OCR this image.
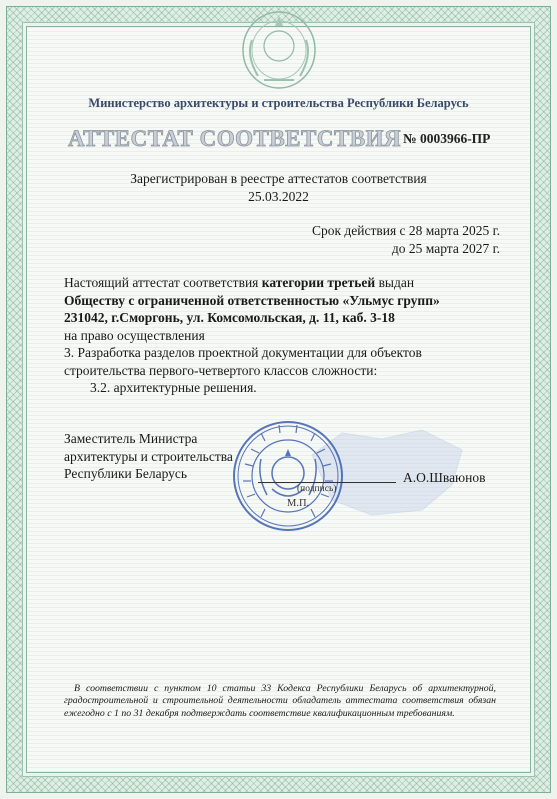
Министерство архитектуры и строительства Республики Беларусь
АТТЕСТАТ СООТВЕТСТВИЯ № 0003966-ПР
Зарегистрирован в реестре аттестатов соответствия
25.03.2022
Срок действия с 28 марта 2025 г.
до 25 марта 2027 г.
Настоящий аттестат соответствия категории третьей выдан
Обществу с ограниченной ответственностью «Ульмус групп»
231042, г.Сморгонь, ул. Комсомольская, д. 11, каб. 3-18
на право осуществления
3. Разработка разделов проектной документации для объектов строительства первого-четвертого классов сложности:
3.2. архитектурные решения.
Заместитель Министра
архитектуры и строительства
Республики Беларусь
(подпись)
М.П.
А.О.Шваюнов
В соответствии с пунктом 10 статьи 33 Кодекса Республики Беларусь об архитектурной, градостроительной и строительной деятельности обладатель аттестата соответствия обязан ежегодно с 1 по 31 декабря подтверждать соответствие квалификационным требованиям.
